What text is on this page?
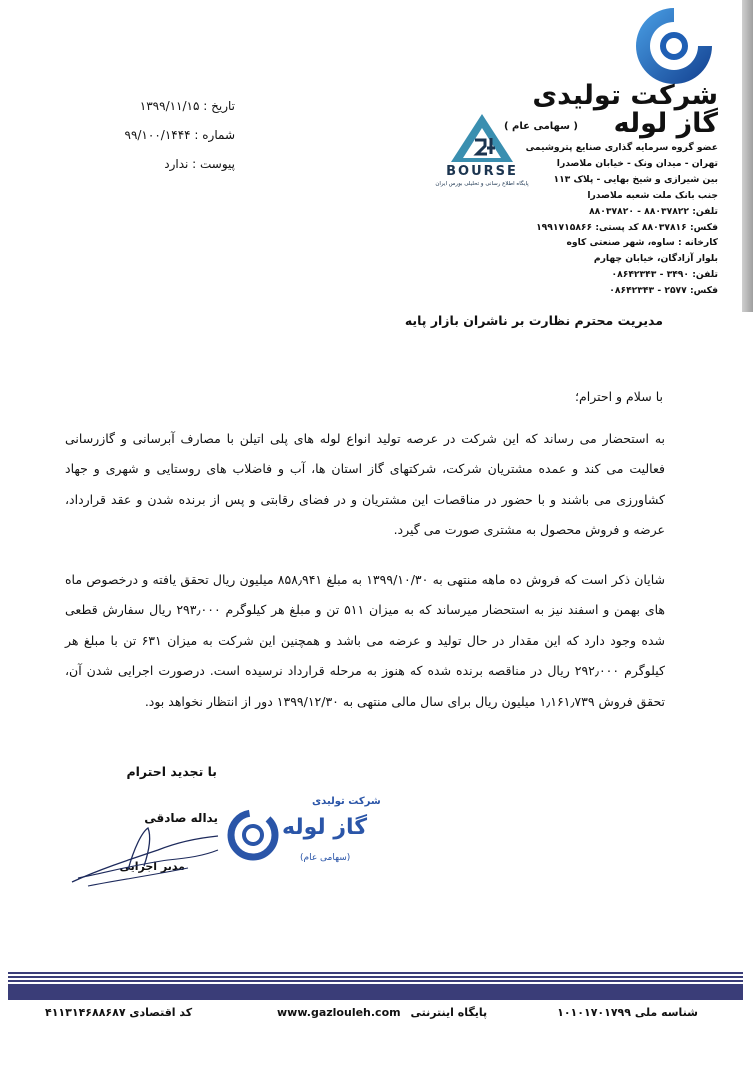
شرکت تولیدی
گاز لوله
( سهامی عام )
عضو گروه سرمایه گذاری صنایع پتروشیمی
تهران - میدان ونک - خیابان ملاصدرا
بین شیرازی و شیخ بهایی - پلاک ۱۱۳
جنب بانک ملت شعبه ملاصدرا
تلفن: ۸۸۰۳۷۸۲۲ - ۸۸۰۳۷۸۲۰
فکس: ۸۸۰۳۷۸۱۶ کد پستی: ۱۹۹۱۷۱۵۸۶۶
کارخانه : ساوه، شهر صنعتی کاوه
بلوار آزادگان، خیابان چهارم
تلفن: ۳۴۹۰ - ۰۸۶۴۲۳۴۳
فکس: ۲۵۷۷ - ۰۸۶۴۲۳۴۳
BOURSE
پایگاه اطلاع رسانی و تحلیلی بورس ایران
تاریخ : ۱۳۹۹/۱۱/۱۵
شماره : ۹۹/۱۰۰/۱۴۴۴
پیوست : ندارد
مدیریت محترم نظارت بر ناشران بازار پایه
با سلام و احترام؛
به استحضار می رساند که این شرکت در عرصه تولید انواع لوله های پلی اتیلن با مصارف آبرسانی و گازرسانی فعالیت می کند و عمده مشتریان شرکت، شرکتهای گاز استان ها، آب و فاضلاب های روستایی و شهری و جهاد کشاورزی می باشند و با حضور در مناقصات این مشتریان و در فضای رقابتی و پس از برنده شدن و عقد قرارداد، عرضه و فروش محصول به مشتری صورت می گیرد.
شایان ذکر است که فروش ده ماهه منتهی به ۱۳۹۹/۱۰/۳۰ به مبلغ ۸۵۸٫۹۴۱ میلیون ریال تحقق یافته و درخصوص ماه های بهمن و اسفند نیز به استحضار میرساند که به میزان ۵۱۱ تن و مبلغ هر کیلوگرم ۲۹۳٫۰۰۰ ریال سفارش قطعی شده وجود دارد که این مقدار در حال تولید و عرضه می باشد و همچنین این شرکت به میزان ۶۳۱ تن با مبلغ هر کیلوگرم ۲۹۲٫۰۰۰ ریال در مناقصه برنده شده که هنوز به مرحله قرارداد نرسیده است. درصورت اجرایی شدن آن، تحقق فروش ۱٫۱۶۱٫۷۳۹ میلیون ریال برای سال مالی منتهی به ۱۳۹۹/۱۲/۳۰ دور از انتظار نخواهد بود.
با تجدید احترام
یداله صادقی
مدیر اجرایی
شرکت تولیدی
گاز لوله
(سهامی عام)
شناسه ملی ۱۰۱۰۱۷۰۱۷۹۹
www.gazlouleh.com پایگاه اینترنتی
کد اقتصادی ۴۱۱۳۱۴۶۸۸۶۸۷
